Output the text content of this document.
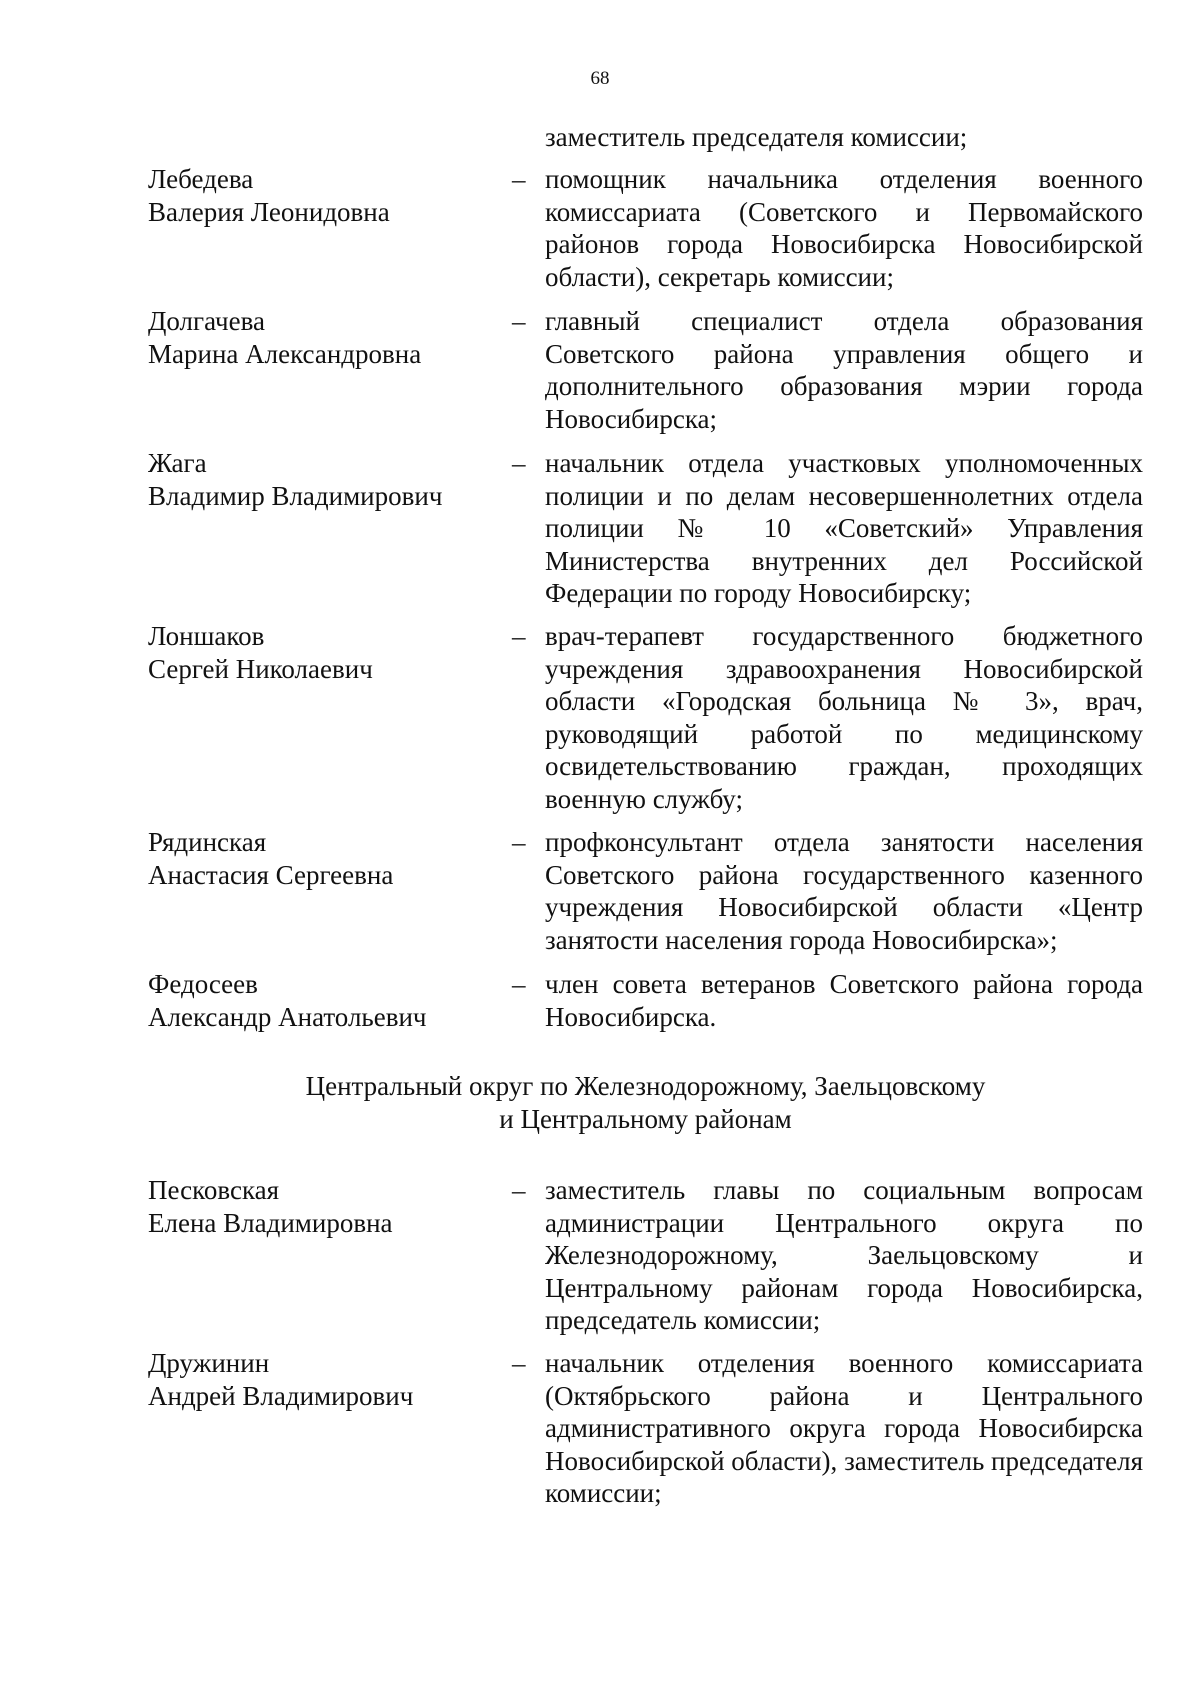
68
заместитель председателя комиссии;
Лебедева
Валерия Леонидовна
– помощник начальника отделения военного комиссариата (Советского и Первомайского районов города Новосибирска Новосибирской области), секретарь комиссии;
Долгачева
Марина Александровна
– главный специалист отдела образования Советского района управления общего и дополнительного образования мэрии города Новосибирска;
Жага
Владимир Владимирович
– начальник отдела участковых уполномоченных полиции и по делам несовершеннолетних отдела полиции № 10 «Советский» Управления Министерства внутренних дел Российской Федерации по городу Новосибирску;
Лоншаков
Сергей Николаевич
– врач-терапевт государственного бюджетного учреждения здравоохранения Новосибирской области «Городская больница № 3», врач, руководящий работой по медицинскому освидетельствованию граждан, проходящих военную службу;
Рядинская
Анастасия Сергеевна
– профконсультант отдела занятости населения Советского района государственного казенного учреждения Новосибирской области «Центр занятости населения города Новосибирска»;
Федосеев
Александр Анатольевич
– член совета ветеранов Советского района города Новосибирска.
Центральный округ по Железнодорожному, Заельцовскому
и Центральному районам
Песковская
Елена Владимировна
– заместитель главы по социальным вопросам администрации Центрального округа по Железнодорожному, Заельцовскому и Центральному районам города Новосибирска, председатель комиссии;
Дружинин
Андрей Владимирович
– начальник отделения военного комиссариата (Октябрьского района и Центрального административного округа города Новосибирска Новосибирской области), заместитель председателя комиссии;
